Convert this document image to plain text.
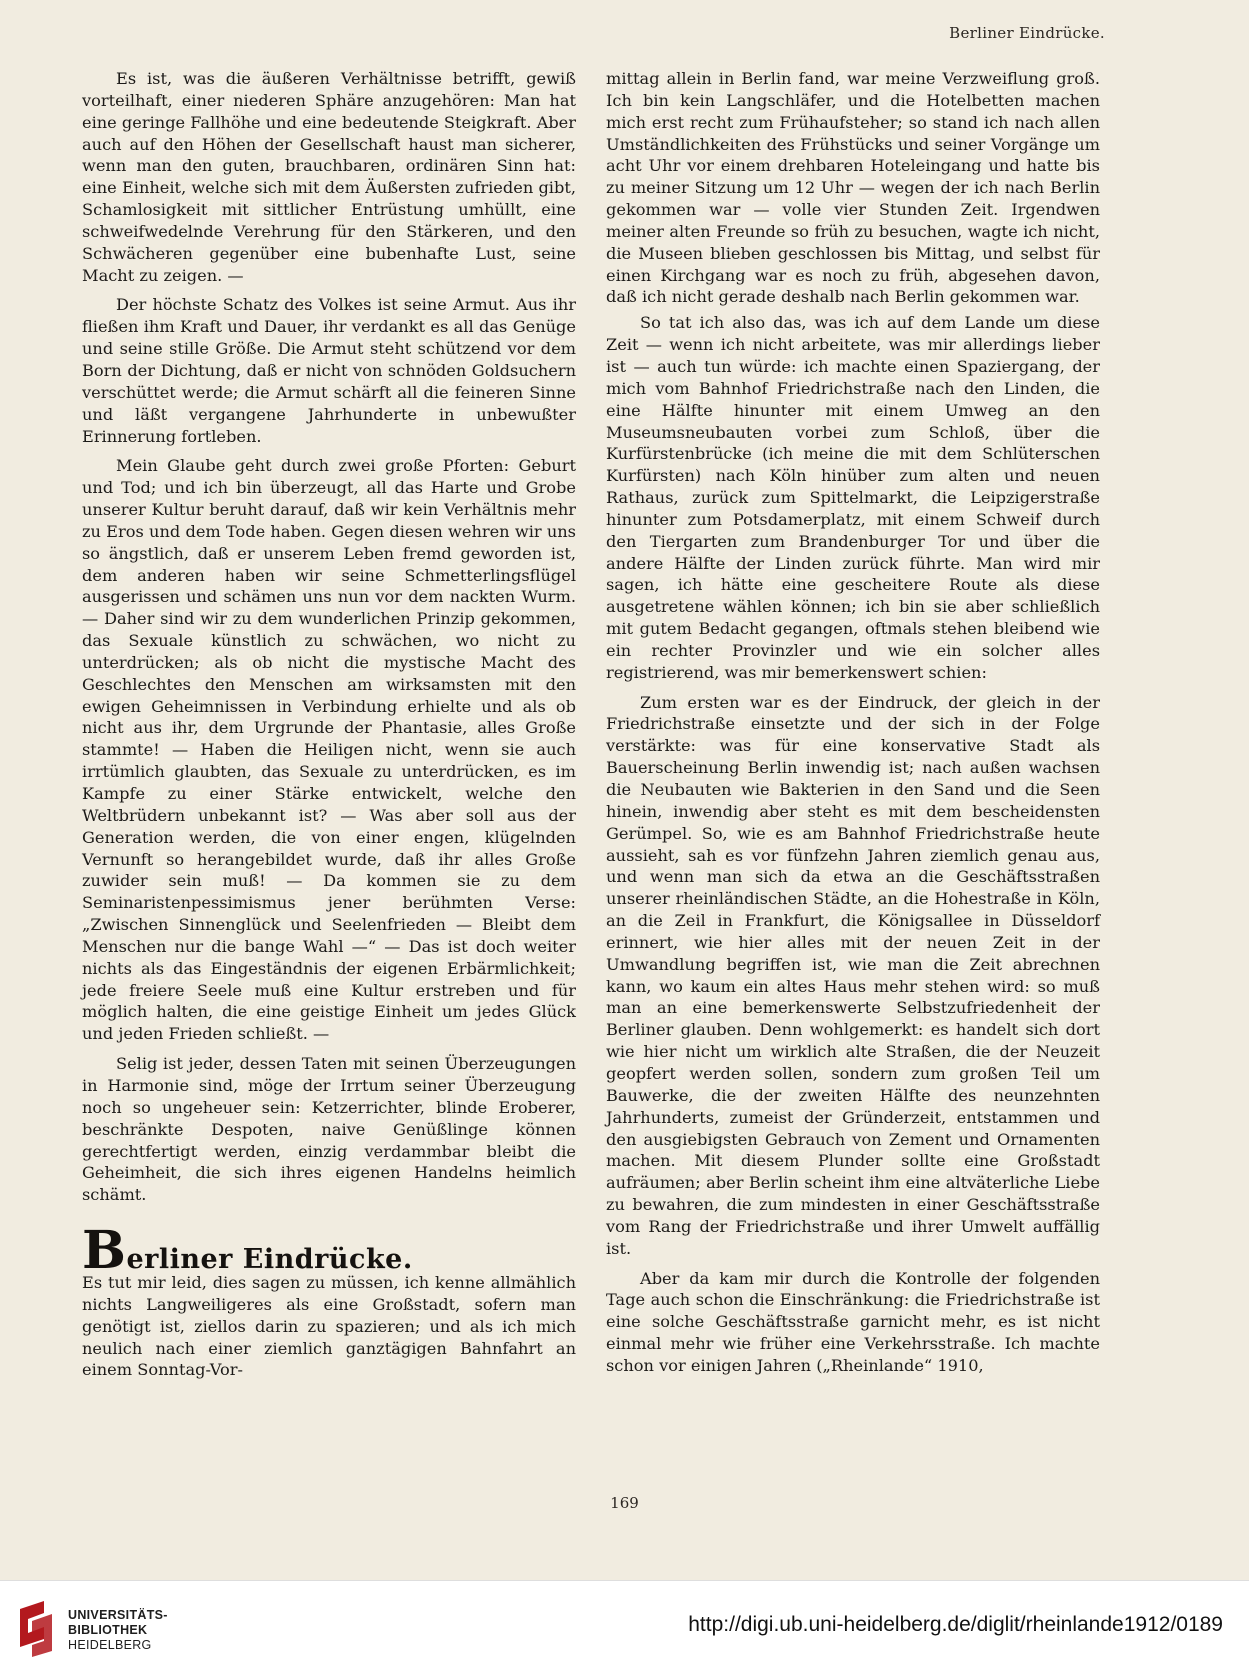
Berliner Eindrücke.

Es ist, was die äußeren Verhältnisse betrifft, gewiß vorteilhaft, einer niederen Sphäre anzugehören: Man hat eine geringe Fallhöhe und eine bedeutende Steigkraft. Aber auch auf den Höhen der Gesellschaft haust man sicherer, wenn man den guten, brauchbaren, ordinären Sinn hat: eine Einheit, welche sich mit dem Äußersten zufrieden gibt, Schamlosigkeit mit sittlicher Entrüstung umhüllt, eine schweifwedelnde Verehrung für den Stärkeren, und den Schwächeren gegenüber eine bubenhafte Lust, seine Macht zu zeigen. —

Der höchste Schatz des Volkes ist seine Armut. Aus ihr fließen ihm Kraft und Dauer, ihr verdankt es all das Genüge und seine stille Größe. Die Armut steht schützend vor dem Born der Dichtung, daß er nicht von schnöden Goldsuchern verschüttet werde; die Armut schärft all die feineren Sinne und läßt vergangene Jahrhunderte in unbewußter Erinnerung fortleben.

Mein Glaube geht durch zwei große Pforten: Geburt und Tod; und ich bin überzeugt, all das Harte und Grobe unserer Kultur beruht darauf, daß wir kein Verhältnis mehr zu Eros und dem Tode haben. Gegen diesen wehren wir uns so ängstlich, daß er unserem Leben fremd geworden ist, dem anderen haben wir seine Schmetterlingsflügel ausgerissen und schämen uns nun vor dem nackten Wurm. — Daher sind wir zu dem wunderlichen Prinzip gekommen, das Sexuale künstlich zu schwächen, wo nicht zu unterdrücken; als ob nicht die mystische Macht des Geschlechtes den Menschen am wirksamsten mit den ewigen Geheimnissen in Verbindung erhielte und als ob nicht aus ihr, dem Urgrunde der Phantasie, alles Große stammte! — Haben die Heiligen nicht, wenn sie auch irrtümlich glaubten, das Sexuale zu unterdrücken, es im Kampfe zu einer Stärke entwickelt, welche den Weltbrüdern unbekannt ist? — Was aber soll aus der Generation werden, die von einer engen, klügelnden Vernunft so herangebildet wurde, daß ihr alles Große zuwider sein muß! — Da kommen sie zu dem Seminaristenpessimismus jener berühmten Verse: „Zwischen Sinnenglück und Seelenfrieden — Bleibt dem Menschen nur die bange Wahl —“ — Das ist doch weiter nichts als das Eingeständnis der eigenen Erbärmlichkeit; jede freiere Seele muß eine Kultur erstreben und für möglich halten, die eine geistige Einheit um jedes Glück und jeden Frieden schließt. —

Selig ist jeder, dessen Taten mit seinen Überzeugungen in Harmonie sind, möge der Irrtum seiner Überzeugung noch so ungeheuer sein: Ketzerrichter, blinde Eroberer, beschränkte Despoten, naive Genüßlinge können gerechtfertigt werden, einzig verdammbar bleibt die Geheimheit, die sich ihres eigenen Handelns heimlich schämt.

Berliner Eindrücke.

Es tut mir leid, dies sagen zu müssen, ich kenne allmählich nichts Langweiligeres als eine Großstadt, sofern man genötigt ist, ziellos darin zu spazieren; und als ich mich neulich nach einer ziemlich ganztägigen Bahnfahrt an einem Sonntag-Vor-

mittag allein in Berlin fand, war meine Verzweiflung groß. Ich bin kein Langschläfer, und die Hotelbetten machen mich erst recht zum Frühaufsteher; so stand ich nach allen Umständlichkeiten des Frühstücks und seiner Vorgänge um acht Uhr vor einem drehbaren Hoteleingang und hatte bis zu meiner Sitzung um 12 Uhr — wegen der ich nach Berlin gekommen war — volle vier Stunden Zeit. Irgendwen meiner alten Freunde so früh zu besuchen, wagte ich nicht, die Museen blieben geschlossen bis Mittag, und selbst für einen Kirchgang war es noch zu früh, abgesehen davon, daß ich nicht gerade deshalb nach Berlin gekommen war.

So tat ich also das, was ich auf dem Lande um diese Zeit — wenn ich nicht arbeitete, was mir allerdings lieber ist — auch tun würde: ich machte einen Spaziergang, der mich vom Bahnhof Friedrichstraße nach den Linden, die eine Hälfte hinunter mit einem Umweg an den Museumsneubauten vorbei zum Schloß, über die Kurfürstenbrücke (ich meine die mit dem Schlüterschen Kurfürsten) nach Köln hinüber zum alten und neuen Rathaus, zurück zum Spittelmarkt, die Leipzigerstraße hinunter zum Potsdamerplatz, mit einem Schweif durch den Tiergarten zum Brandenburger Tor und über die andere Hälfte der Linden zurück führte. Man wird mir sagen, ich hätte eine gescheitere Route als diese ausgetretene wählen können; ich bin sie aber schließlich mit gutem Bedacht gegangen, oftmals stehen bleibend wie ein rechter Provinzler und wie ein solcher alles registrierend, was mir bemerkenswert schien:

Zum ersten war es der Eindruck, der gleich in der Friedrichstraße einsetzte und der sich in der Folge verstärkte: was für eine konservative Stadt als Bauerscheinung Berlin inwendig ist; nach außen wachsen die Neubauten wie Bakterien in den Sand und die Seen hinein, inwendig aber steht es mit dem bescheidensten Gerümpel. So, wie es am Bahnhof Friedrichstraße heute aussieht, sah es vor fünfzehn Jahren ziemlich genau aus, und wenn man sich da etwa an die Geschäftsstraßen unserer rheinländischen Städte, an die Hohestraße in Köln, an die Zeil in Frankfurt, die Königsallee in Düsseldorf erinnert, wie hier alles mit der neuen Zeit in der Umwandlung begriffen ist, wie man die Zeit abrechnen kann, wo kaum ein altes Haus mehr stehen wird: so muß man an eine bemerkenswerte Selbstzufriedenheit der Berliner glauben. Denn wohlgemerkt: es handelt sich dort wie hier nicht um wirklich alte Straßen, die der Neuzeit geopfert werden sollen, sondern zum großen Teil um Bauwerke, die der zweiten Hälfte des neunzehnten Jahrhunderts, zumeist der Gründerzeit, entstammen und den ausgiebigsten Gebrauch von Zement und Ornamenten machen. Mit diesem Plunder sollte eine Großstadt aufräumen; aber Berlin scheint ihm eine altväterliche Liebe zu bewahren, die zum mindesten in einer Geschäftsstraße vom Rang der Friedrichstraße und ihrer Umwelt auffällig ist.

Aber da kam mir durch die Kontrolle der folgenden Tage auch schon die Einschränkung: die Friedrichstraße ist eine solche Geschäftsstraße garnicht mehr, es ist nicht einmal mehr wie früher eine Verkehrsstraße. Ich machte schon vor einigen Jahren („Rheinlande“ 1910,

169
UNIVERSITÄTS-
BIBLIOTHEK
HEIDELBERG
http://digi.ub.uni-heidelberg.de/diglit/rheinlande1912/0189
